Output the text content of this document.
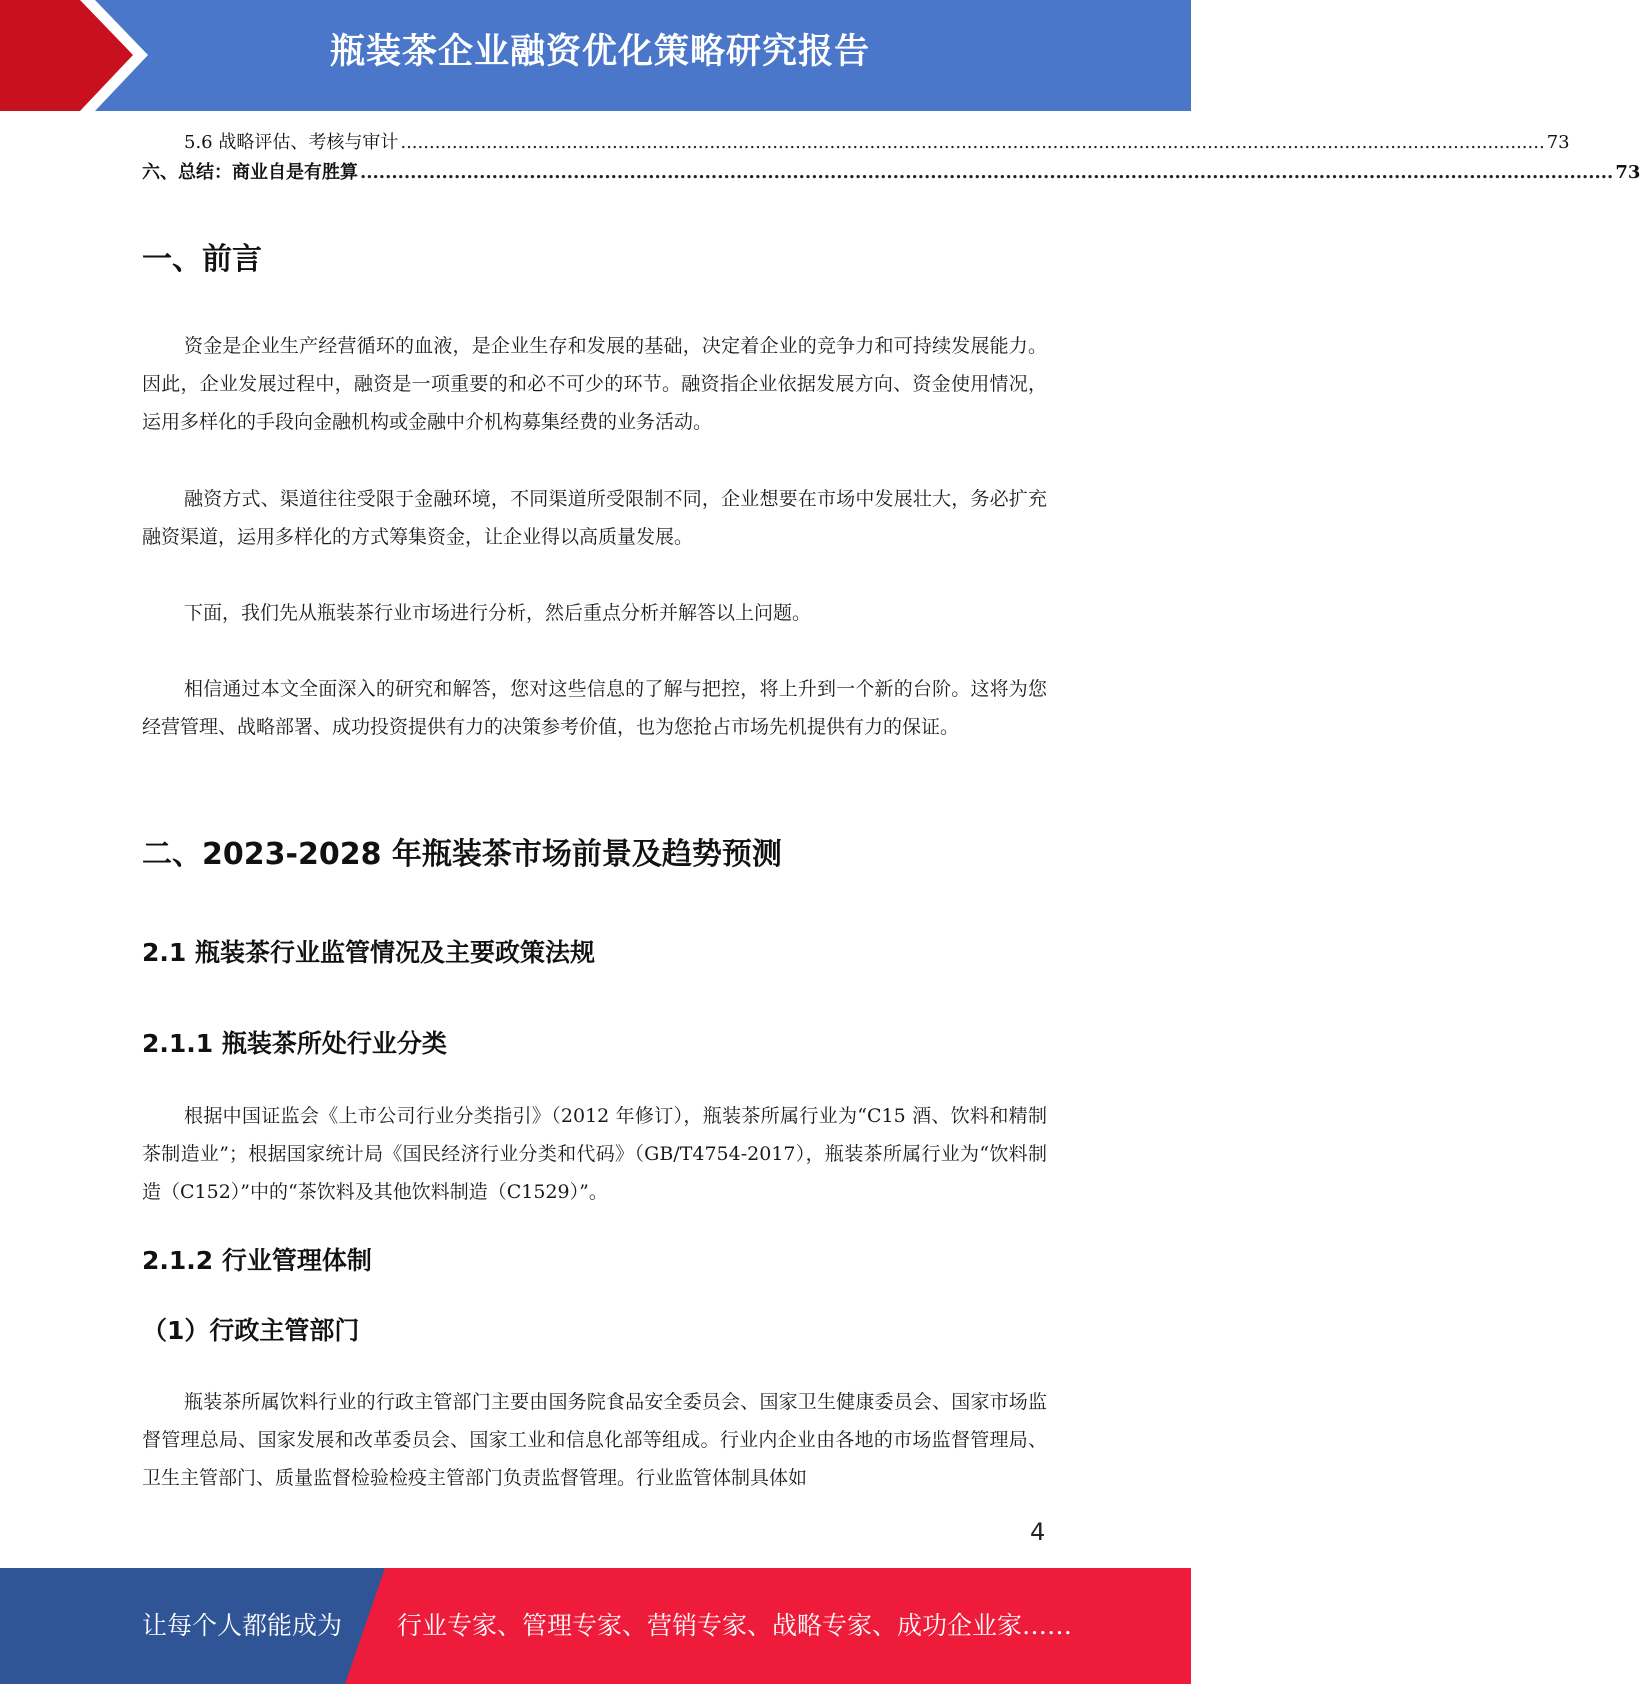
瓶装茶企业融资优化策略研究报告
5.6 战略评估、考核与审计 ........................................................................................................................................................................................................ 73
六、总结：商业自是有胜算 ........................................................................................................................................................................................................ 73
一、前言
资金是企业生产经营循环的血液，是企业生存和发展的基础，决定着企业的竞争力和可持续发展能力。因此，企业发展过程中，融资是一项重要的和必不可少的环节。融资指企业依据发展方向、资金使用情况，运用多样化的手段向金融机构或金融中介机构募集经费的业务活动。
融资方式、渠道往往受限于金融环境，不同渠道所受限制不同，企业想要在市场中发展壮大，务必扩充融资渠道，运用多样化的方式筹集资金，让企业得以高质量发展。
下面，我们先从瓶装茶行业市场进行分析，然后重点分析并解答以上问题。
相信通过本文全面深入的研究和解答，您对这些信息的了解与把控，将上升到一个新的台阶。这将为您经营管理、战略部署、成功投资提供有力的决策参考价值，也为您抢占市场先机提供有力的保证。
二、2023-2028 年瓶装茶市场前景及趋势预测
2.1 瓶装茶行业监管情况及主要政策法规
2.1.1 瓶装茶所处行业分类
根据中国证监会《上市公司行业分类指引》（2012 年修订），瓶装茶所属行业为“C15 酒、饮料和精制茶制造业”；根据国家统计局《国民经济行业分类和代码》（GB/T4754-2017），瓶装茶所属行业为“饮料制造（C152）”中的“茶饮料及其他饮料制造（C1529）”。
2.1.2 行业管理体制
（1）行政主管部门
瓶装茶所属饮料行业的行政主管部门主要由国务院食品安全委员会、国家卫生健康委员会、国家市场监督管理总局、国家发展和改革委员会、国家工业和信息化部等组成。行业内企业由各地的市场监督管理局、卫生主管部门、质量监督检验检疫主管部门负责监督管理。行业监管体制具体如
4
让每个人都能成为 行业专家、管理专家、营销专家、战略专家、成功企业家……
